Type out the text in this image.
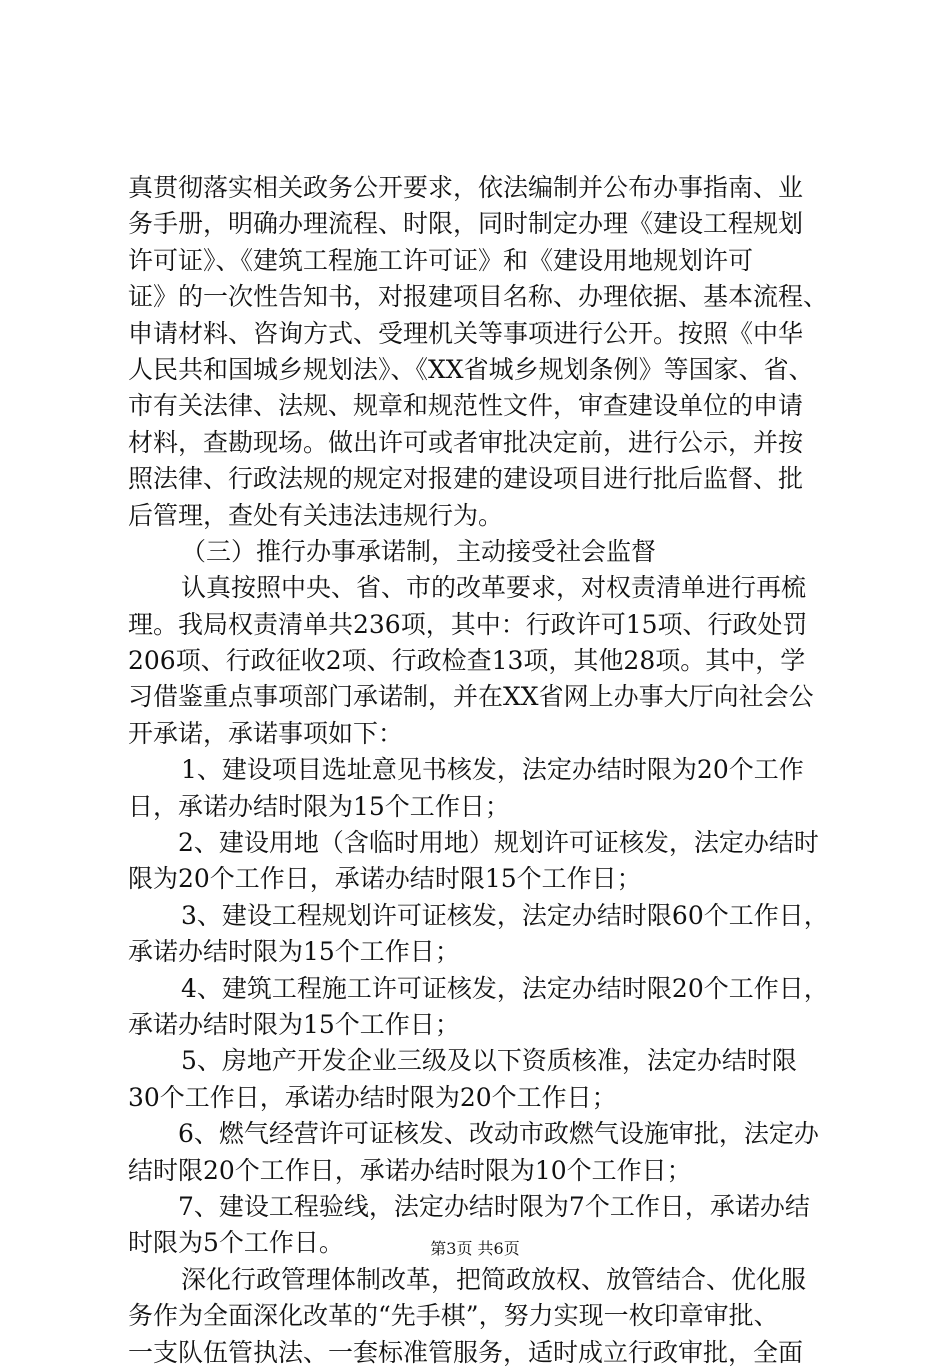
真贯彻落实相关政务公开要求，依法编制并公布办事指南、业
务手册，明确办理流程、时限，同时制定办理《建设工程规划
许可证》、《建筑工程施工许可证》和《建设用地规划许可
证》的一次性告知书，对报建项目名称、办理依据、基本流程、
申请材料、咨询方式、受理机关等事项进行公开。按照《中华
人民共和国城乡规划法》、《XX省城乡规划条例》等国家、省、
市有关法律、法规、规章和规范性文件，审查建设单位的申请
材料，查勘现场。做出许可或者审批决定前，进行公示，并按
照法律、行政法规的规定对报建的建设项目进行批后监督、批
后管理，查处有关违法违规行为。
（三）推行办事承诺制，主动接受社会监督
认真按照中央、省、市的改革要求，对权责清单进行再梳
理。我局权责清单共236项，其中：行政许可15项、行政处罚
206项、行政征收2项、行政检查13项，其他28项。其中，学
习借鉴重点事项部门承诺制，并在XX省网上办事大厅向社会公
开承诺，承诺事项如下：
1、建设项目选址意见书核发，法定办结时限为20个工作
日，承诺办结时限为15个工作日；
2、建设用地（含临时用地）规划许可证核发，法定办结时
限为20个工作日，承诺办结时限15个工作日；
3、建设工程规划许可证核发，法定办结时限60个工作日，
承诺办结时限为15个工作日；
4、建筑工程施工许可证核发，法定办结时限20个工作日，
承诺办结时限为15个工作日；
5、房地产开发企业三级及以下资质核准，法定办结时限
30个工作日，承诺办结时限为20个工作日；
6、燃气经营许可证核发、改动市政燃气设施审批，法定办
结时限20个工作日，承诺办结时限为10个工作日；
7、建设工程验线，法定办结时限为7个工作日，承诺办结
时限为5个工作日。
深化行政管理体制改革，把简政放权、放管结合、优化服
务作为全面深化改革的“先手棋”，努力实现一枚印章审批、
一支队伍管执法、一套标准管服务，适时成立行政审批，全面
第3页 共6页
